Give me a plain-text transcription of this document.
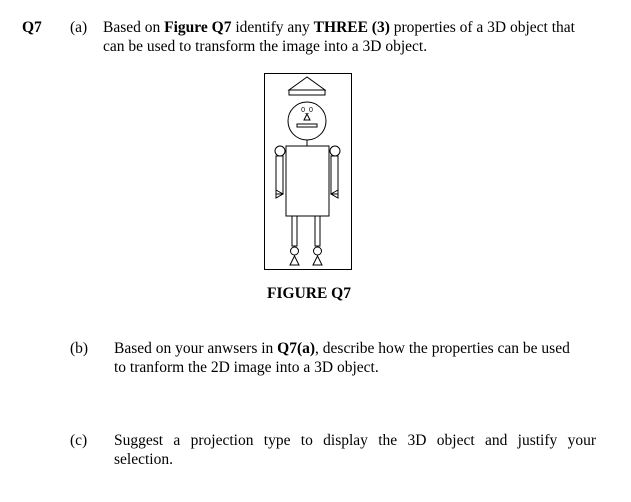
Q7 (a) Based on Figure Q7 identify any THREE (3) properties of a 3D object that
can be used to transform the image into a 3D object.
0_0
FIGURE Q7
(b) Based on your anwsers in Q7(a), describe how the properties can be used
to tranform the 2D image into a 3D object.
(c) Suggest a projection type to display the 3D object and justify your
selection.
